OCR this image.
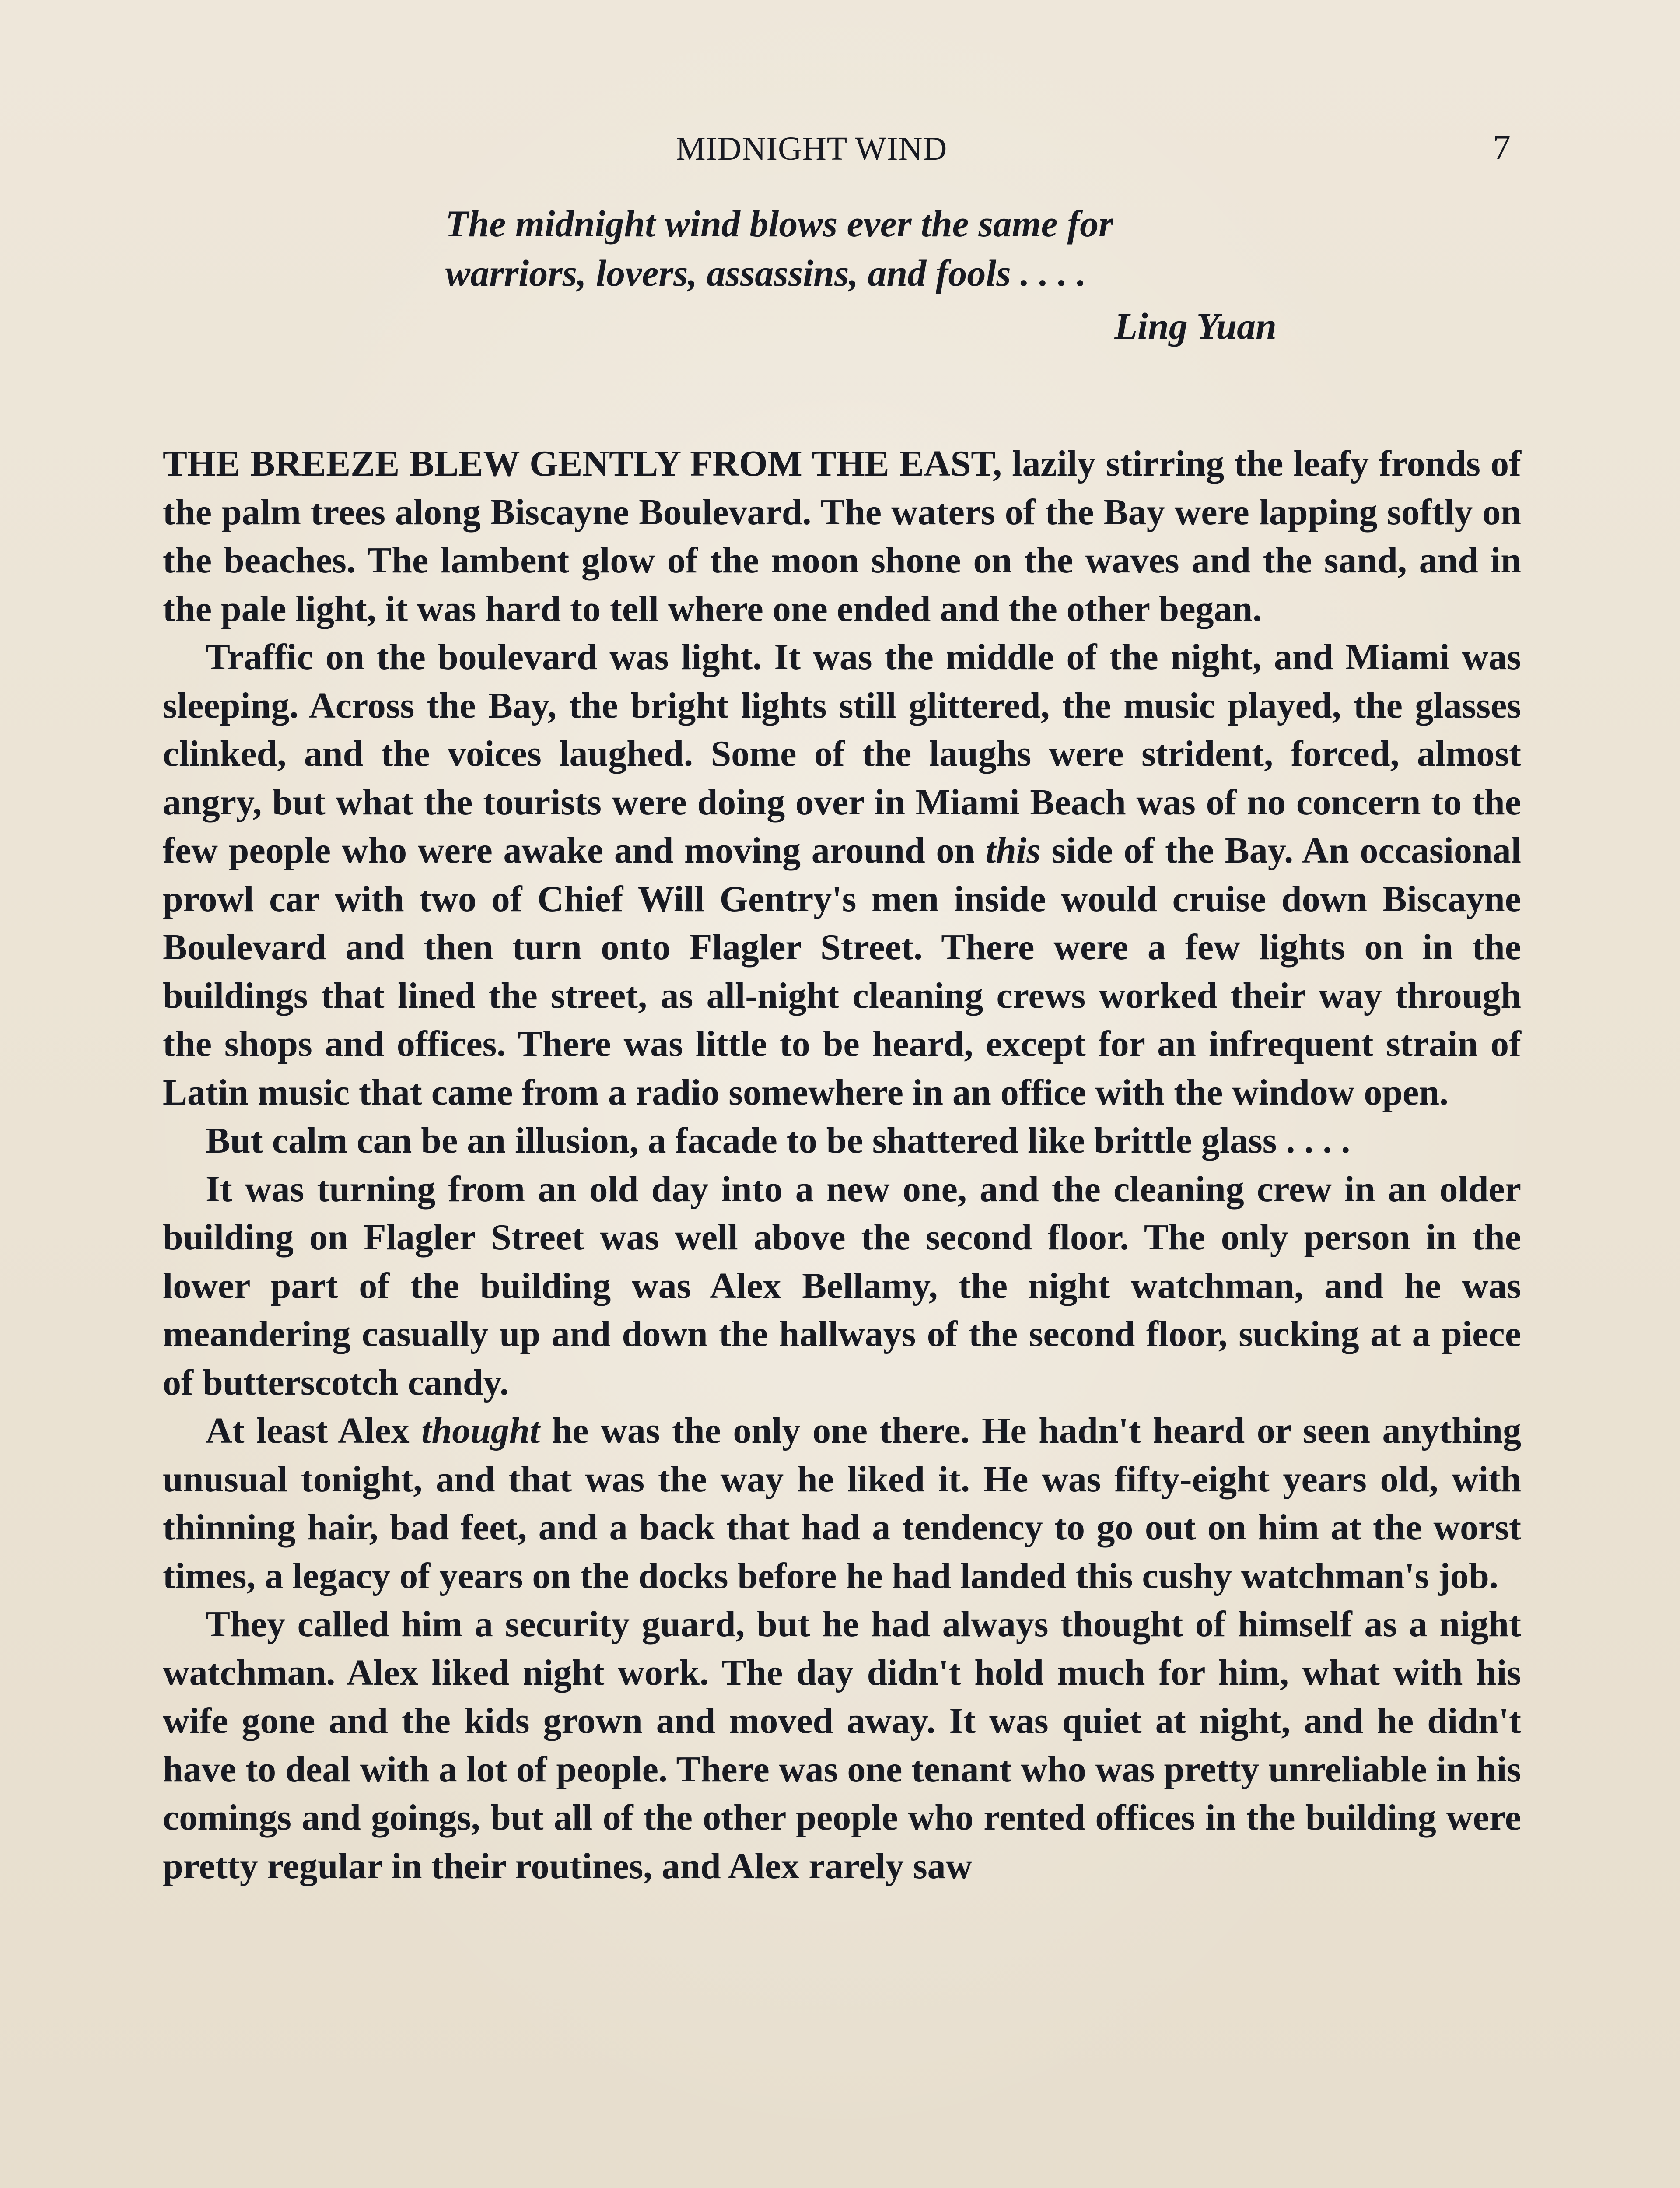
MIDNIGHT WIND	7
The midnight wind blows ever the same for
warriors, lovers, assassins, and fools . . . .
Ling Yuan

THE BREEZE BLEW GENTLY FROM THE EAST, lazily stirring the leafy fronds of the palm trees along Biscayne Boulevard. The waters of the Bay were lapping softly on the beaches. The lambent glow of the moon shone on the waves and the sand, and in the pale light, it was hard to tell where one ended and the other began.

Traffic on the boulevard was light. It was the middle of the night, and Miami was sleeping. Across the Bay, the bright lights still glittered, the music played, the glasses clinked, and the voices laughed. Some of the laughs were strident, forced, almost angry, but what the tourists were doing over in Miami Beach was of no concern to the few people who were awake and moving around on this side of the Bay. An occasional prowl car with two of Chief Will Gentry's men inside would cruise down Biscayne Boulevard and then turn onto Flagler Street. There were a few lights on in the buildings that lined the street, as all-night cleaning crews worked their way through the shops and offices. There was little to be heard, except for an infrequent strain of Latin music that came from a radio somewhere in an office with the window open.

But calm can be an illusion, a facade to be shattered like brittle glass . . . .

It was turning from an old day into a new one, and the cleaning crew in an older building on Flagler Street was well above the second floor. The only person in the lower part of the building was Alex Bellamy, the night watchman, and he was meandering casually up and down the hallways of the second floor, sucking at a piece of butterscotch candy.

At least Alex thought he was the only one there. He hadn't heard or seen anything unusual tonight, and that was the way he liked it. He was fifty-eight years old, with thinning hair, bad feet, and a back that had a tendency to go out on him at the worst times, a legacy of years on the docks before he had landed this cushy watchman's job.

They called him a security guard, but he had always thought of himself as a night watchman. Alex liked night work. The day didn't hold much for him, what with his wife gone and the kids grown and moved away. It was quiet at night, and he didn't have to deal with a lot of people. There was one tenant who was pretty unreliable in his comings and goings, but all of the other people who rented offices in the building were pretty regular in their routines, and Alex rarely saw
